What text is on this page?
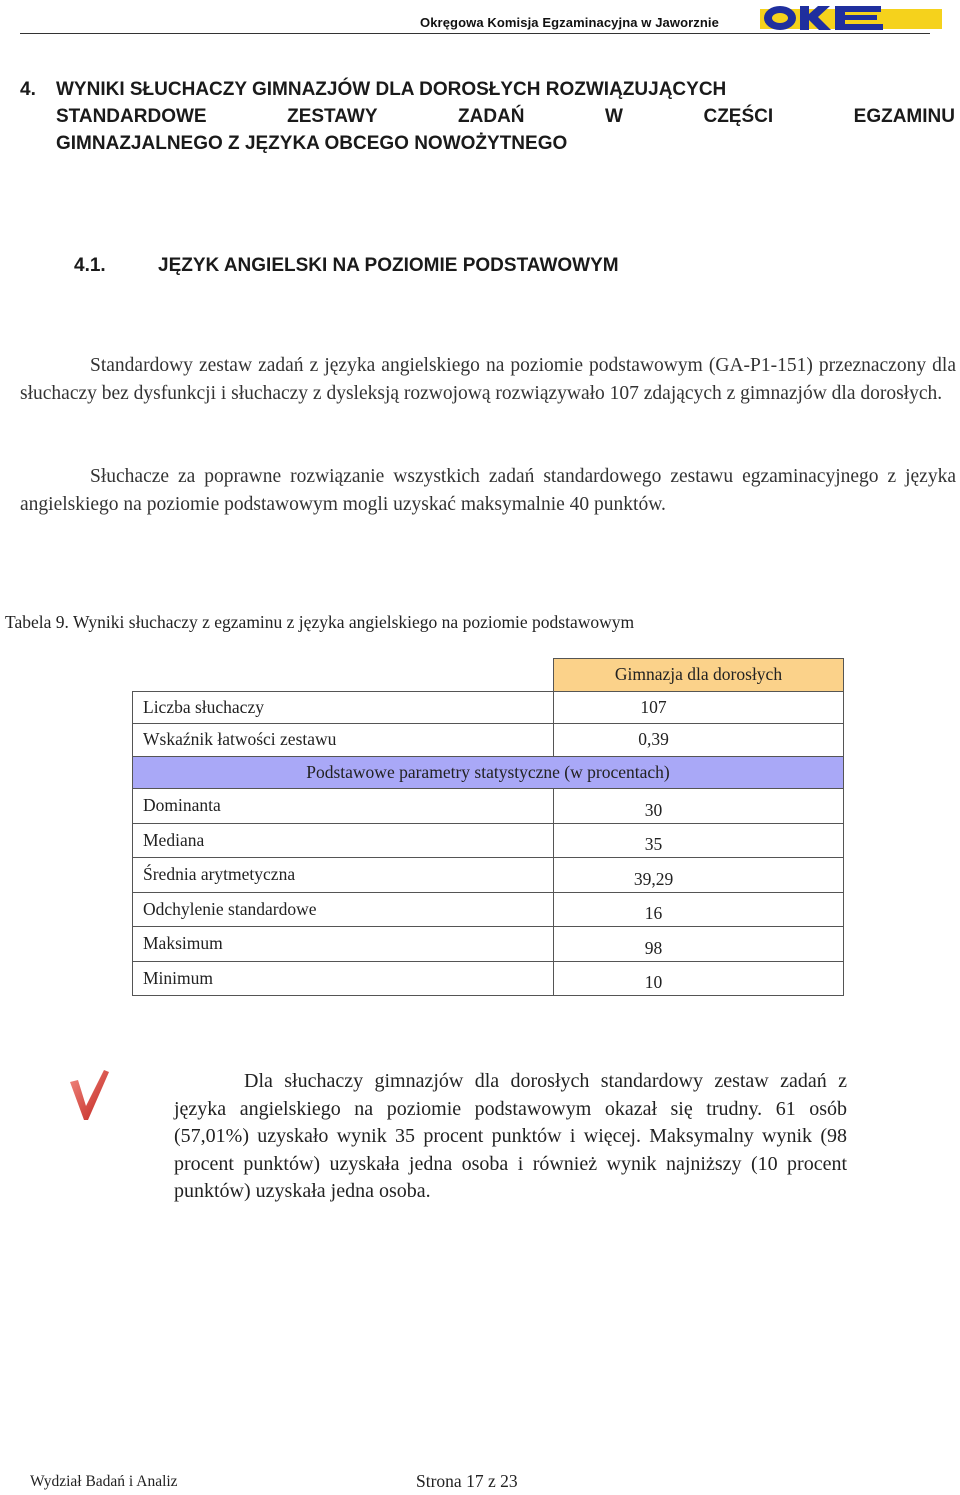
Okręgowa Komisja Egzaminacyjna w Jaworznie
OKE
4.	WYNIKI SŁUCHACZY GIMNAZJÓW DLA DOROSŁYCH ROZWIĄZUJĄCYCH
STANDARDOWE	ZESTAWY	ZADAŃ	W	CZĘŚCI	EGZAMINU
GIMNAZJALNEGO Z JĘZYKA OBCEGO NOWOŻYTNEGO
4.1.	JĘZYK ANGIELSKI NA POZIOMIE PODSTAWOWYM
Standardowy zestaw zadań z języka angielskiego na poziomie podstawowym (GA-P1-151) przeznaczony dla słuchaczy bez dysfunkcji i słuchaczy z dysleksją rozwojową rozwiązywało 107 zdających z gimnazjów dla dorosłych.
Słuchacze za poprawne rozwiązanie wszystkich zadań standardowego zestawu egzaminacyjnego z języka angielskiego na poziomie podstawowym mogli uzyskać maksymalnie 40 punktów.
Tabela 9. Wyniki słuchaczy z egzaminu z języka angielskiego na poziomie podstawowym
	Gimnazja dla dorosłych
Liczba słuchaczy	107
Wskaźnik łatwości zestawu	0,39
Podstawowe parametry statystyczne (w procentach)	
Dominanta	30
Mediana	35
Średnia arytmetyczna	39,29
Odchylenie standardowe	16
Maksimum	98
Minimum	10
Dla słuchaczy gimnazjów dla dorosłych standardowy zestaw zadań z języka angielskiego na poziomie podstawowym okazał się trudny. 61 osób (57,01%) uzyskało wynik 35 procent punktów i więcej. Maksymalny wynik (98 procent punktów) uzyskała jedna osoba i również wynik najniższy (10 procent punktów) uzyskała jedna osoba.
Wydział Badań i Analiz	Strona 17 z 23
